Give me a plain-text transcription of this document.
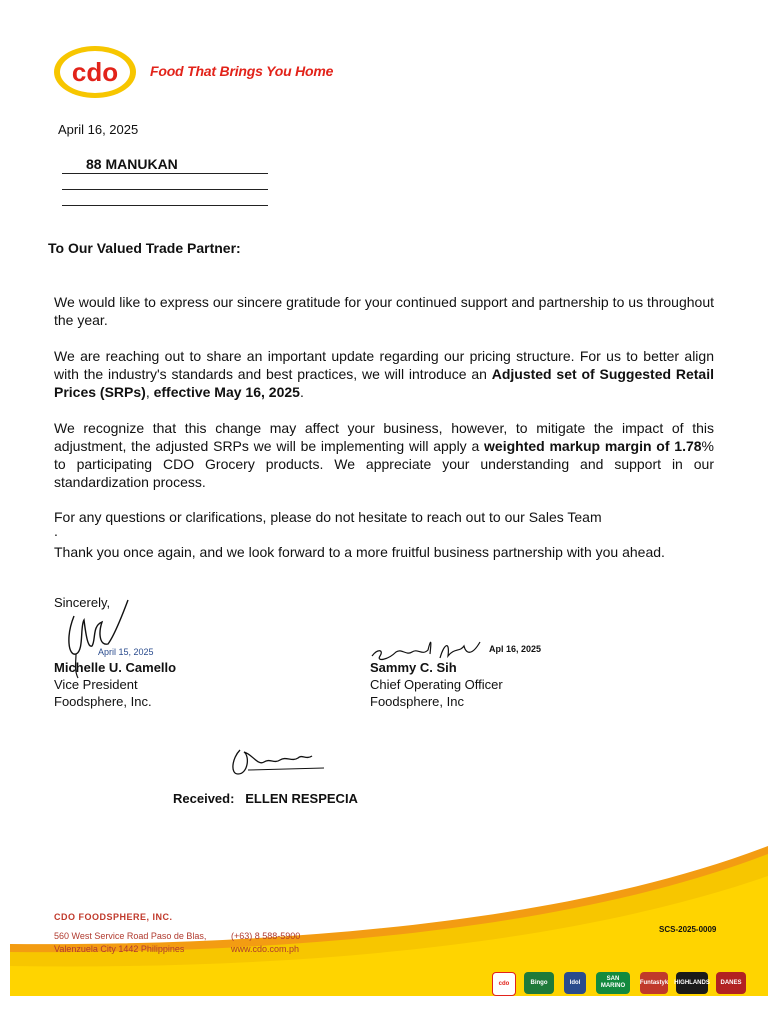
cdo Food That Brings You Home
April 16, 2025
88 MANUKAN
To Our Valued Trade Partner:
We would like to express our sincere gratitude for your continued support and partnership to us throughout the year.
We are reaching out to share an important update regarding our pricing structure. For us to better align with the industry's standards and best practices, we will introduce an Adjusted set of Suggested Retail Prices (SRPs), effective May 16, 2025.
We recognize that this change may affect your business, however, to mitigate the impact of this adjustment, the adjusted SRPs we will be implementing will apply a weighted markup margin of 1.78% to participating CDO Grocery products. We appreciate your understanding and support in our standardization process.
For any questions or clarifications, please do not hesitate to reach out to our Sales Team
.
Thank you once again, and we look forward to a more fruitful business partnership with you ahead.
Sincerely,
April 15, 2025
Michelle U. Camello
Vice President
Foodsphere, Inc.
Apl 16, 2025
Sammy C. Sih
Chief Operating Officer
Foodsphere, Inc
Received: ELLEN RESPECIA
CDO FOODSPHERE, INC.
560 West Service Road Paso de Blas,
Valenzuela City 1442 Philippines
(+63) 8 588-5900
www.cdo.com.ph
SCS-2025-0009
cdo	Bingo	Idol
SAN MARINO
Funtastyk HIGHLANDS	DANES
